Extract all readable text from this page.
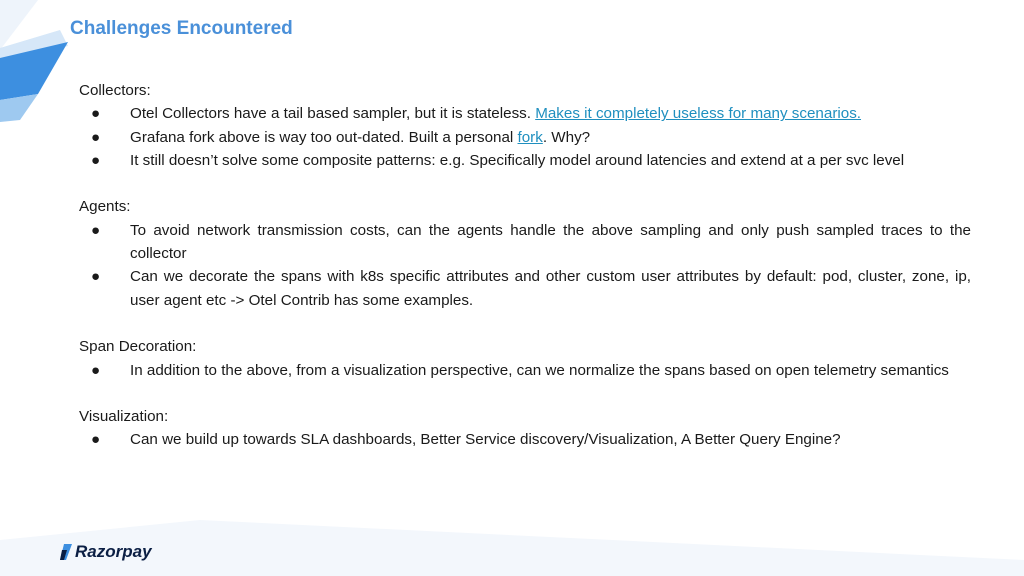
Challenges Encountered

Collectors:

● Otel Collectors have a tail based sampler, but it is stateless. Makes it completely useless for many scenarios.
● Grafana fork above is way too out-dated. Built a personal fork. Why?
● It still doesn’t solve some composite patterns: e.g. Specifically model around latencies and extend at a per svc level

Agents:

● To avoid network transmission costs, can the agents handle the above sampling and only push sampled traces to the collector
● Can we decorate the spans with k8s specific attributes and other custom user attributes by default: pod, cluster, zone, ip, user agent etc -> Otel Contrib has some examples.

Span Decoration:

● In addition to the above, from a visualization perspective, can we normalize the spans based on open telemetry semantics

Visualization:

● Can we build up towards SLA dashboards, Better Service discovery/Visualization, A Better Query Engine?
Razorpay
